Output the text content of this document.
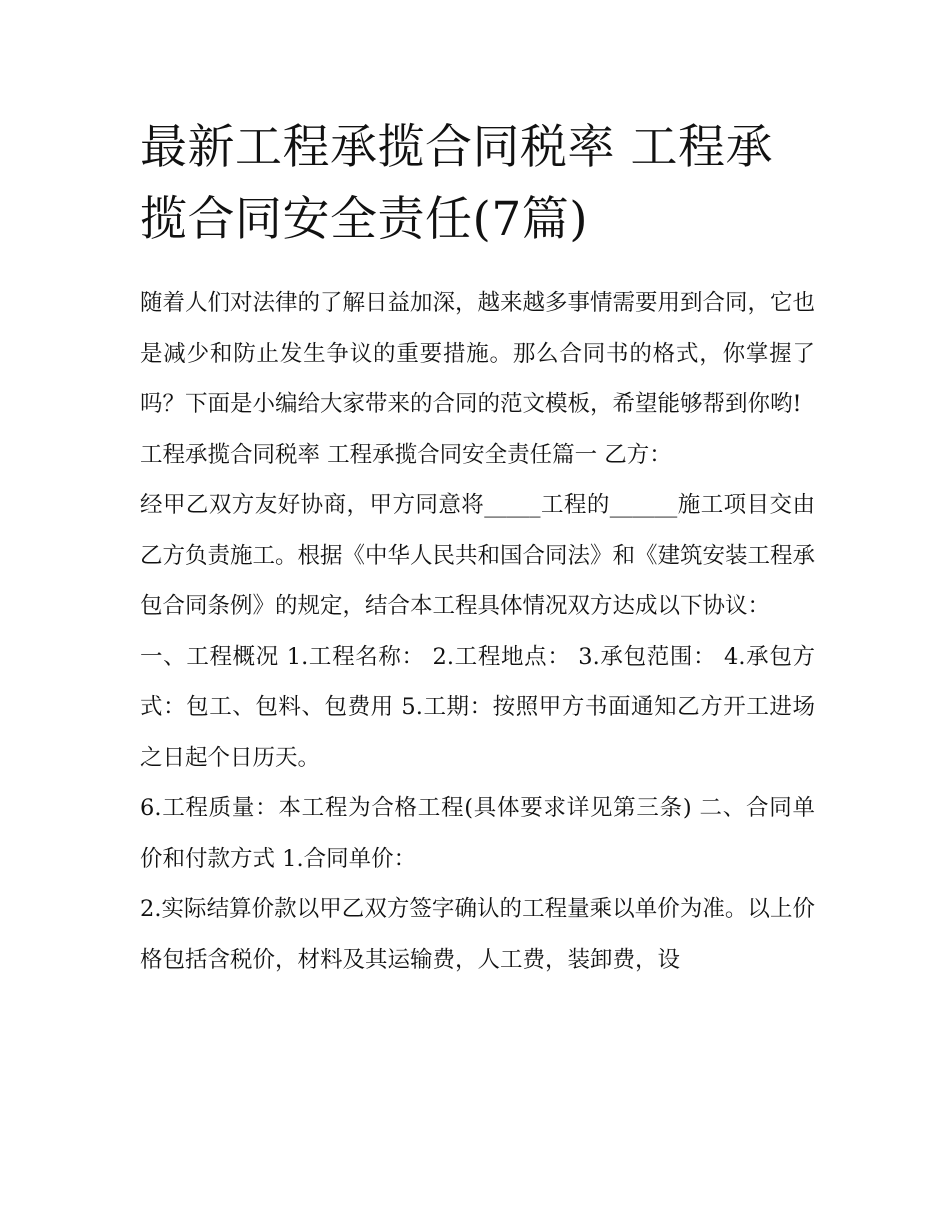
最新工程承揽合同税率 工程承揽合同安全责任(7篇)

随着人们对法律的了解日益加深，越来越多事情需要用到合同，它也是减少和防止发生争议的重要措施。那么合同书的格式，你掌握了吗？下面是小编给大家带来的合同的范文模板，希望能够帮到你哟!

工程承揽合同税率 工程承揽合同安全责任篇一 乙方：

经甲乙双方友好协商，甲方同意将_____工程的______施工项目交由乙方负责施工。根据《中华人民共和国合同法》和《建筑安装工程承包合同条例》的规定，结合本工程具体情况双方达成以下协议：

一、工程概况 1.工程名称： 2.工程地点： 3.承包范围： 4.承包方式：包工、包料、包费用 5.工期：按照甲方书面通知乙方开工进场之日起个日历天。

6.工程质量：本工程为合格工程(具体要求详见第三条) 二、合同单价和付款方式 1.合同单价：

2.实际结算价款以甲乙双方签字确认的工程量乘以单价为准。以上价格包括含税价，材料及其运输费，人工费，装卸费，设
